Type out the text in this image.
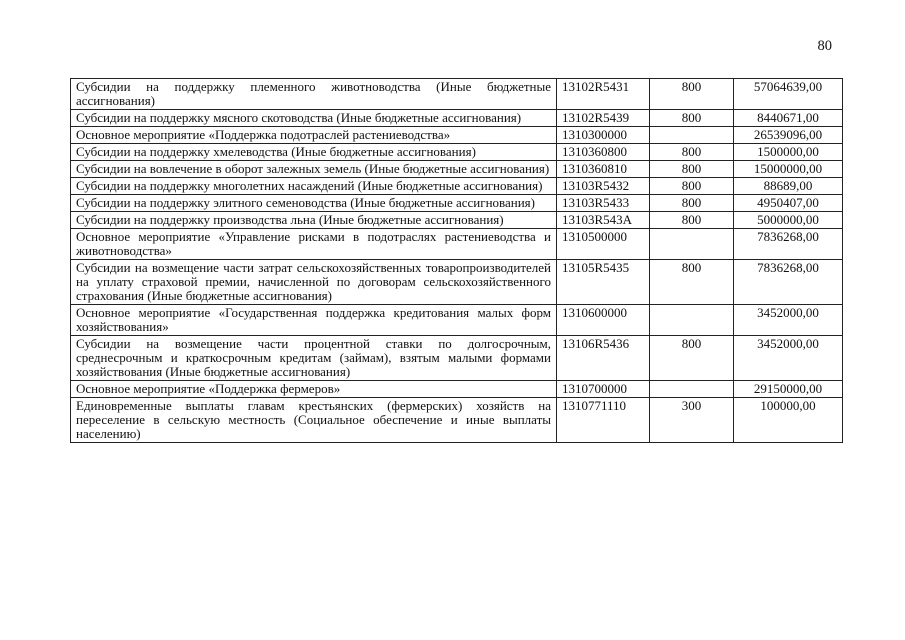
80
Субсидии на поддержку племенного животноводства (Иные бюджетные ассигнования)	13102R5431	800	57064639,00
Субсидии на поддержку мясного скотоводства (Иные бюджетные ассигнования)	13102R5439	800	8440671,00
Основное мероприятие «Поддержка подотраслей растениеводства»	1310300000		26539096,00
Субсидии на поддержку хмелеводства (Иные бюджетные ассигнования)	1310360800	800	1500000,00
Субсидии на вовлечение в оборот залежных земель (Иные бюджетные ассигнования)	1310360810	800	15000000,00
Субсидии на поддержку многолетних насаждений (Иные бюджетные ассигнования)	13103R5432	800	88689,00
Субсидии на поддержку элитного семеноводства (Иные бюджетные ассигнования)	13103R5433	800	4950407,00
Субсидии на поддержку производства льна (Иные бюджетные ассигнования)	13103R543A	800	5000000,00
Основное мероприятие «Управление рисками в подотраслях растениеводства и животноводства»	1310500000		7836268,00
Субсидии на возмещение части затрат сельскохозяйственных товаропроизводителей на уплату страховой премии, начисленной по договорам сельскохозяйственного страхования (Иные бюджетные ассигнования)	13105R5435	800	7836268,00
Основное мероприятие «Государственная поддержка кредитования малых форм хозяйствования»	1310600000		3452000,00
Субсидии на возмещение части процентной ставки по долгосрочным, среднесрочным и краткосрочным кредитам (займам), взятым малыми формами хозяйствования (Иные бюджетные ассигнования)	13106R5436	800	3452000,00
Основное мероприятие «Поддержка фермеров»	1310700000		29150000,00
Единовременные выплаты главам крестьянских (фермерских) хозяйств на переселение в сельскую местность (Социальное обеспечение и иные выплаты населению)	1310771110	300	100000,00
